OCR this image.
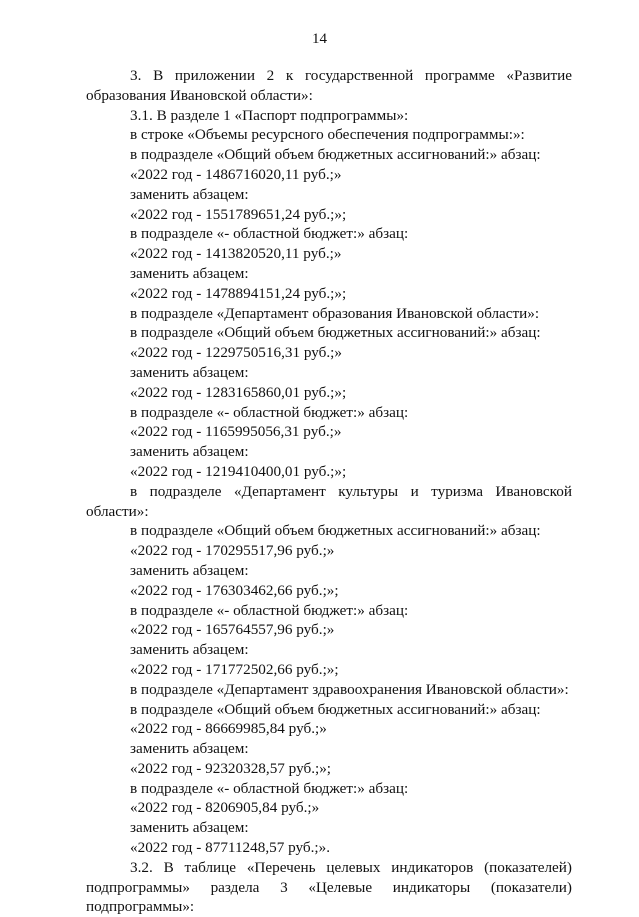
14

3. В приложении 2 к государственной программе «Развитие

образования Ивановской области»:

3.1. В разделе 1 «Паспорт подпрограммы»:

в строке «Объемы ресурсного обеспечения подпрограммы:»:

в подразделе «Общий объем бюджетных ассигнований:» абзац:

«2022 год - 1486716020,11 руб.;»

заменить абзацем:

«2022 год - 1551789651,24 руб.;»;

в подразделе «- областной бюджет:» абзац:

«2022 год - 1413820520,11 руб.;»

заменить абзацем:

«2022 год - 1478894151,24 руб.;»;

в подразделе «Департамент образования Ивановской области»:

в подразделе «Общий объем бюджетных ассигнований:» абзац:

«2022 год - 1229750516,31 руб.;»

заменить абзацем:

«2022 год - 1283165860,01 руб.;»;

в подразделе «- областной бюджет:» абзац:

«2022 год - 1165995056,31 руб.;»

заменить абзацем:

«2022 год - 1219410400,01 руб.;»;

в подразделе «Департамент культуры и туризма Ивановской

области»:

в подразделе «Общий объем бюджетных ассигнований:» абзац:

«2022 год - 170295517,96 руб.;»

заменить абзацем:

«2022 год - 176303462,66 руб.;»;

в подразделе «- областной бюджет:» абзац:

«2022 год - 165764557,96 руб.;»

заменить абзацем:

«2022 год - 171772502,66 руб.;»;

в подразделе «Департамент здравоохранения Ивановской области»:

в подразделе «Общий объем бюджетных ассигнований:» абзац:

«2022 год - 86669985,84 руб.;»

заменить абзацем:

«2022 год - 92320328,57 руб.;»;

в подразделе «- областной бюджет:» абзац:

«2022 год - 8206905,84 руб.;»

заменить абзацем:

«2022 год - 87711248,57 руб.;».

3.2. В таблице «Перечень целевых индикаторов (показателей)

подпрограммы» раздела 3 «Целевые индикаторы (показатели)

подпрограммы»:
